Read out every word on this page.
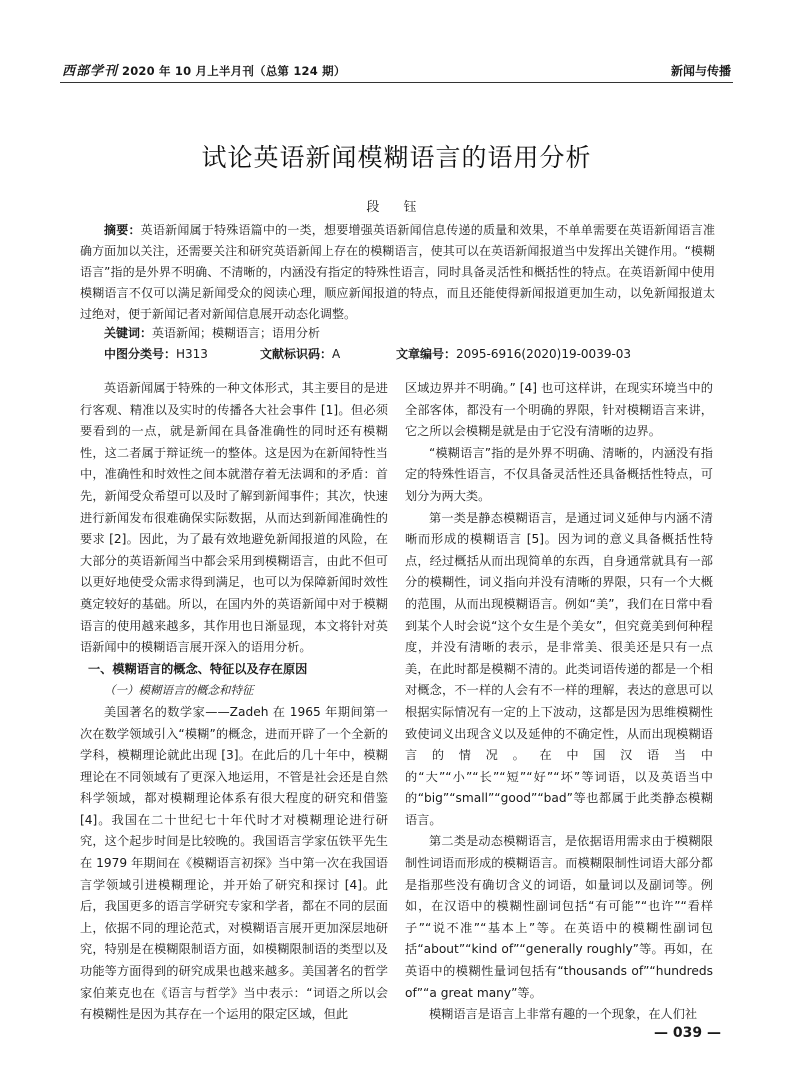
西部学刊 2020 年 10 月上半月刊（总第 124 期）	新闻与传播
试论英语新闻模糊语言的语用分析
段 钰
摘要：英语新闻属于特殊语篇中的一类，想要增强英语新闻信息传递的质量和效果，不单单需要在英语新闻语言准确方面加以关注，还需要关注和研究英语新闻上存在的模糊语言，使其可以在英语新闻报道当中发挥出关键作用。“模糊语言”指的是外界不明确、不清晰的，内涵没有指定的特殊性语言，同时具备灵活性和概括性的特点。在英语新闻中使用模糊语言不仅可以满足新闻受众的阅读心理，顺应新闻报道的特点，而且还能使得新闻报道更加生动，以免新闻报道太过绝对，便于新闻记者对新闻信息展开动态化调整。
关键词：英语新闻；模糊语言；语用分析
中图分类号：H313	文献标识码：A	文章编号：2095-6916(2020)19-0039-03

英语新闻属于特殊的一种文体形式，其主要目的是进行客观、精准以及实时的传播各大社会事件 [1]。但必须要看到的一点，就是新闻在具备准确性的同时还有模糊性，这二者属于辩证统一的整体。这是因为在新闻特性当中，准确性和时效性之间本就潜存着无法调和的矛盾：首先，新闻受众希望可以及时了解到新闻事件；其次，快速进行新闻发布很难确保实际数据，从而达到新闻准确性的要求 [2]。因此，为了最有效地避免新闻报道的风险，在大部分的英语新闻当中都会采用到模糊语言，由此不但可以更好地使受众需求得到满足，也可以为保障新闻时效性奠定较好的基础。所以，在国内外的英语新闻中对于模糊语言的使用越来越多，其作用也日渐显现，本文将针对英语新闻中的模糊语言展开深入的语用分析。

一、模糊语言的概念、特征以及存在原因
（一）模糊语言的概念和特征

美国著名的数学家——Zadeh 在 1965 年期间第一次在数学领域引入“模糊”的概念，进而开辟了一个全新的学科，模糊理论就此出现 [3]。在此后的几十年中，模糊理论在不同领域有了更深入地运用，不管是社会还是自然科学领域，都对模糊理论体系有很大程度的研究和借鉴 [4]。我国在二十世纪七十年代时才对模糊理论进行研究，这个起步时间是比较晚的。我国语言学家伍铁平先生在 1979 年期间在《模糊语言初探》当中第一次在我国语言学领域引进模糊理论，并开始了研究和探讨 [4]。此后，我国更多的语言学研究专家和学者，都在不同的层面上，依据不同的理论范式，对模糊语言展开更加深层地研究，特别是在模糊限制语方面，如模糊限制语的类型以及功能等方面得到的研究成果也越来越多。美国著名的哲学家伯莱克也在《语言与哲学》当中表示：“词语之所以会有模糊性是因为其存在一个运用的限定区域，但此

区域边界并不明确。” [4] 也可这样讲，在现实环境当中的全部客体，都没有一个明确的界限，针对模糊语言来讲，它之所以会模糊是就是由于它没有清晰的边界。

“模糊语言”指的是外界不明确、清晰的，内涵没有指定的特殊性语言，不仅具备灵活性还具备概括性特点，可划分为两大类。

第一类是静态模糊语言，是通过词义延伸与内涵不清晰而形成的模糊语言 [5]。因为词的意义具备概括性特点，经过概括从而出现简单的东西，自身通常就具有一部分的模糊性，词义指向并没有清晰的界限，只有一个大概的范围，从而出现模糊语言。例如“美”，我们在日常中看到某个人时会说“这个女生是个美女”，但究竟美到何种程度，并没有清晰的表示，是非常美、很美还是只有一点美，在此时都是模糊不清的。此类词语传递的都是一个相对概念，不一样的人会有不一样的理解，表达的意思可以根据实际情况有一定的上下波动，这都是因为思维模糊性致使词义出现含义以及延伸的不确定性，从而出现模糊语言的情况。在中国汉语当中的“大”“小”“长”“短”“好”“坏”等词语，以及英语当中的“big”“small”“good”“bad”等也都属于此类静态模糊语言。

第二类是动态模糊语言，是依据语用需求由于模糊限制性词语而形成的模糊语言。而模糊限制性词语大部分都是指那些没有确切含义的词语，如量词以及副词等。例如，在汉语中的模糊性副词包括“有可能”“也许”“看样子”“说不准”“基本上”等。在英语中的模糊性副词包括“about”“kind of”“generally roughly”等。再如，在英语中的模糊性量词包括有“thousands of”“hundreds of”“a great many”等。

模糊语言是语言上非常有趣的一个现象，在人们社

— 039 —
